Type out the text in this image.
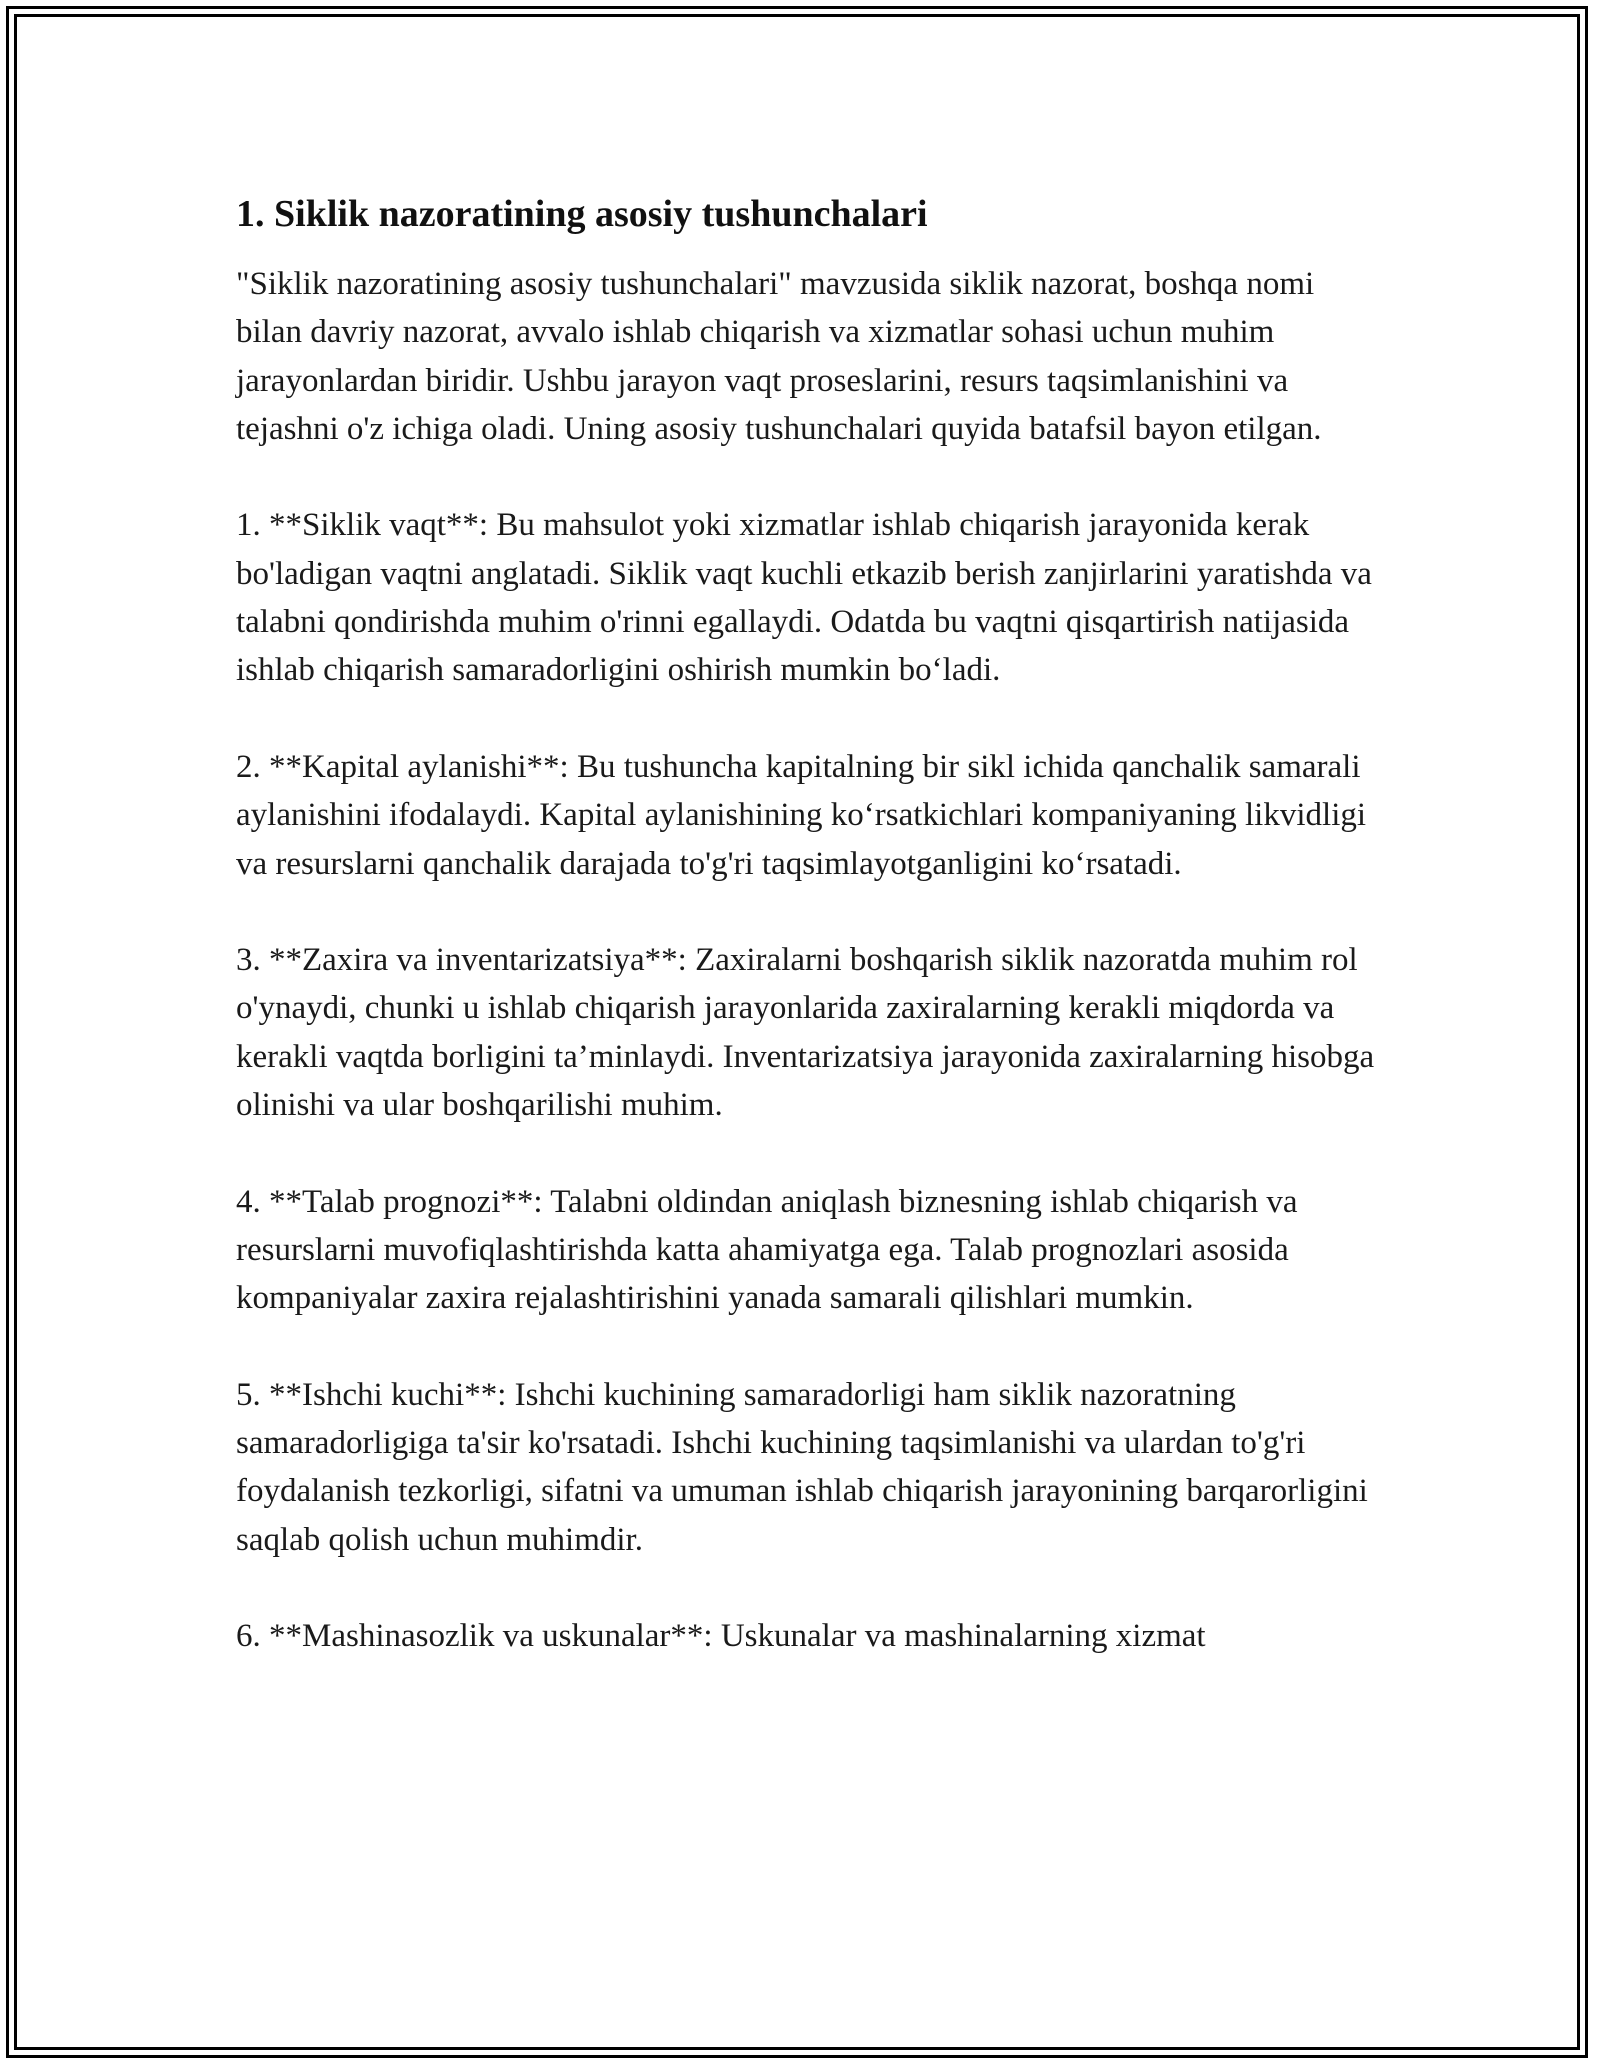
1. Siklik nazoratining asosiy tushunchalari

"Siklik nazoratining asosiy tushunchalari" mavzusida siklik nazorat, boshqa nomi bilan davriy nazorat, avvalo ishlab chiqarish va xizmatlar sohasi uchun muhim jarayonlardan biridir. Ushbu jarayon vaqt proseslarini, resurs taqsimlanishini va tejashni o'z ichiga oladi. Uning asosiy tushunchalari quyida batafsil bayon etilgan.

1. **Siklik vaqt**: Bu mahsulot yoki xizmatlar ishlab chiqarish jarayonida kerak bo'ladigan vaqtni anglatadi. Siklik vaqt kuchli etkazib berish zanjirlarini yaratishda va talabni qondirishda muhim o'rinni egallaydi. Odatda bu vaqtni qisqartirish natijasida ishlab chiqarish samaradorligini oshirish mumkin bo‘ladi.

2. **Kapital aylanishi**: Bu tushuncha kapitalning bir sikl ichida qanchalik samarali aylanishini ifodalaydi. Kapital aylanishining ko‘rsatkichlari kompaniyaning likvidligi va resurslarni qanchalik darajada to'g'ri taqsimlayotganligini ko‘rsatadi.

3. **Zaxira va inventarizatsiya**: Zaxiralarni boshqarish siklik nazoratda muhim rol o'ynaydi, chunki u ishlab chiqarish jarayonlarida zaxiralarning kerakli miqdorda va kerakli vaqtda borligini ta’minlaydi. Inventarizatsiya jarayonida zaxiralarning hisobga olinishi va ular boshqarilishi muhim.

4. **Talab prognozi**: Talabni oldindan aniqlash biznesning ishlab chiqarish va resurslarni muvofiqlashtirishda katta ahamiyatga ega. Talab prognozlari asosida kompaniyalar zaxira rejalashtirishini yanada samarali qilishlari mumkin.

5. **Ishchi kuchi**: Ishchi kuchining samaradorligi ham siklik nazoratning samaradorligiga ta'sir ko'rsatadi. Ishchi kuchining taqsimlanishi va ulardan to'g'ri foydalanish tezkorligi, sifatni va umuman ishlab chiqarish jarayonining barqarorligini saqlab qolish uchun muhimdir.

6. **Mashinasozlik va uskunalar**: Uskunalar va mashinalarning xizmat
